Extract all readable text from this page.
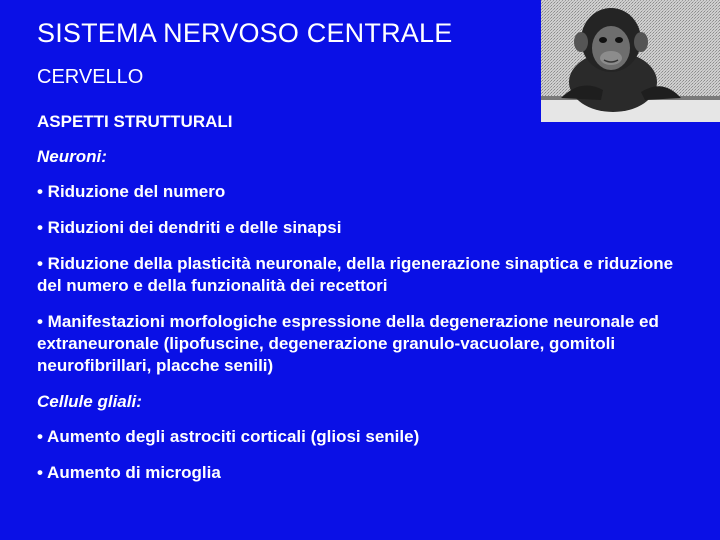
SISTEMA NERVOSO CENTRALE
CERVELLO
ASPETTI STRUTTURALI
Neuroni:
• Riduzione del numero
• Riduzioni dei dendriti e delle sinapsi
• Riduzione della plasticità neuronale, della rigenerazione sinaptica e riduzione del numero e della funzionalità dei recettori
• Manifestazioni morfologiche espressione della degenerazione neuronale ed extraneuronale (lipofuscine, degenerazione granulo-vacuolare, gomitoli neurofibrillari, placche senili)
Cellule gliali:
• Aumento degli astrociti corticali (gliosi senile)
• Aumento di microglia
